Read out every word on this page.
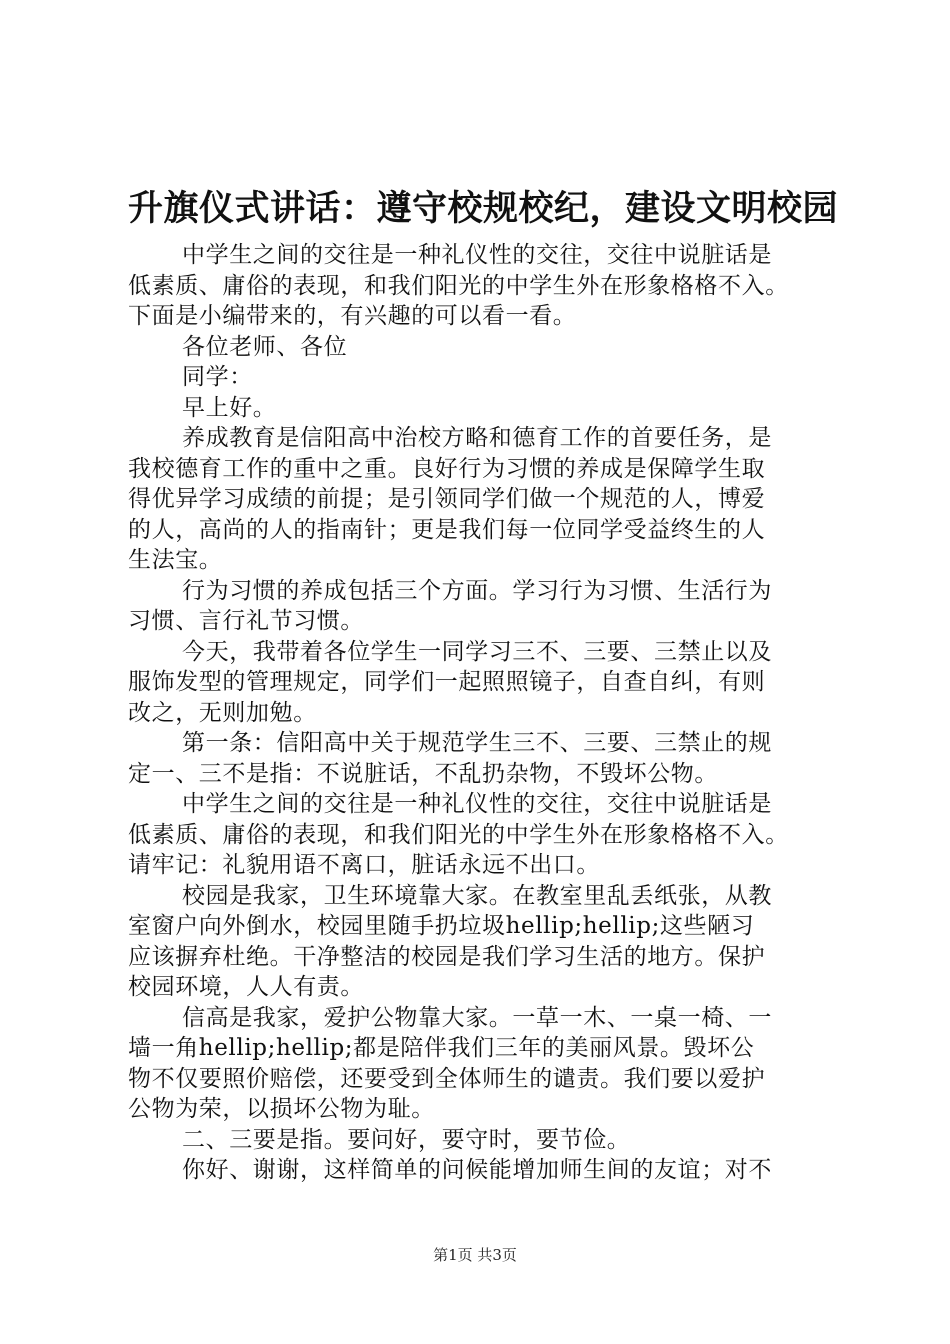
升旗仪式讲话：遵守校规校纪，建设文明校园
中学生之间的交往是一种礼仪性的交往，交往中说脏话是
低素质、庸俗的表现，和我们阳光的中学生外在形象格格不入。
下面是小编带来的，有兴趣的可以看一看。
各位老师、各位
同学：
早上好。
养成教育是信阳高中治校方略和德育工作的首要任务，是
我校德育工作的重中之重。良好行为习惯的养成是保障学生取
得优异学习成绩的前提；是引领同学们做一个规范的人，博爱
的人，高尚的人的指南针；更是我们每一位同学受益终生的人
生法宝。
行为习惯的养成包括三个方面。学习行为习惯、生活行为
习惯、言行礼节习惯。
今天，我带着各位学生一同学习三不、三要、三禁止以及
服饰发型的管理规定，同学们一起照照镜子，自查自纠，有则
改之，无则加勉。
第一条：信阳高中关于规范学生三不、三要、三禁止的规
定一、三不是指：不说脏话，不乱扔杂物，不毁坏公物。
中学生之间的交往是一种礼仪性的交往，交往中说脏话是
低素质、庸俗的表现，和我们阳光的中学生外在形象格格不入。
请牢记：礼貌用语不离口，脏话永远不出口。
校园是我家，卫生环境靠大家。在教室里乱丢纸张，从教
室窗户向外倒水，校园里随手扔垃圾hellip;hellip;这些陋习
应该摒弃杜绝。干净整洁的校园是我们学习生活的地方。保护
校园环境，人人有责。
信高是我家，爱护公物靠大家。一草一木、一桌一椅、一
墙一角hellip;hellip;都是陪伴我们三年的美丽风景。毁坏公
物不仅要照价赔偿，还要受到全体师生的谴责。我们要以爱护
公物为荣，以损坏公物为耻。
二、三要是指。要问好，要守时，要节俭。
你好、谢谢，这样简单的问候能增加师生间的友谊；对不
第1页 共3页
